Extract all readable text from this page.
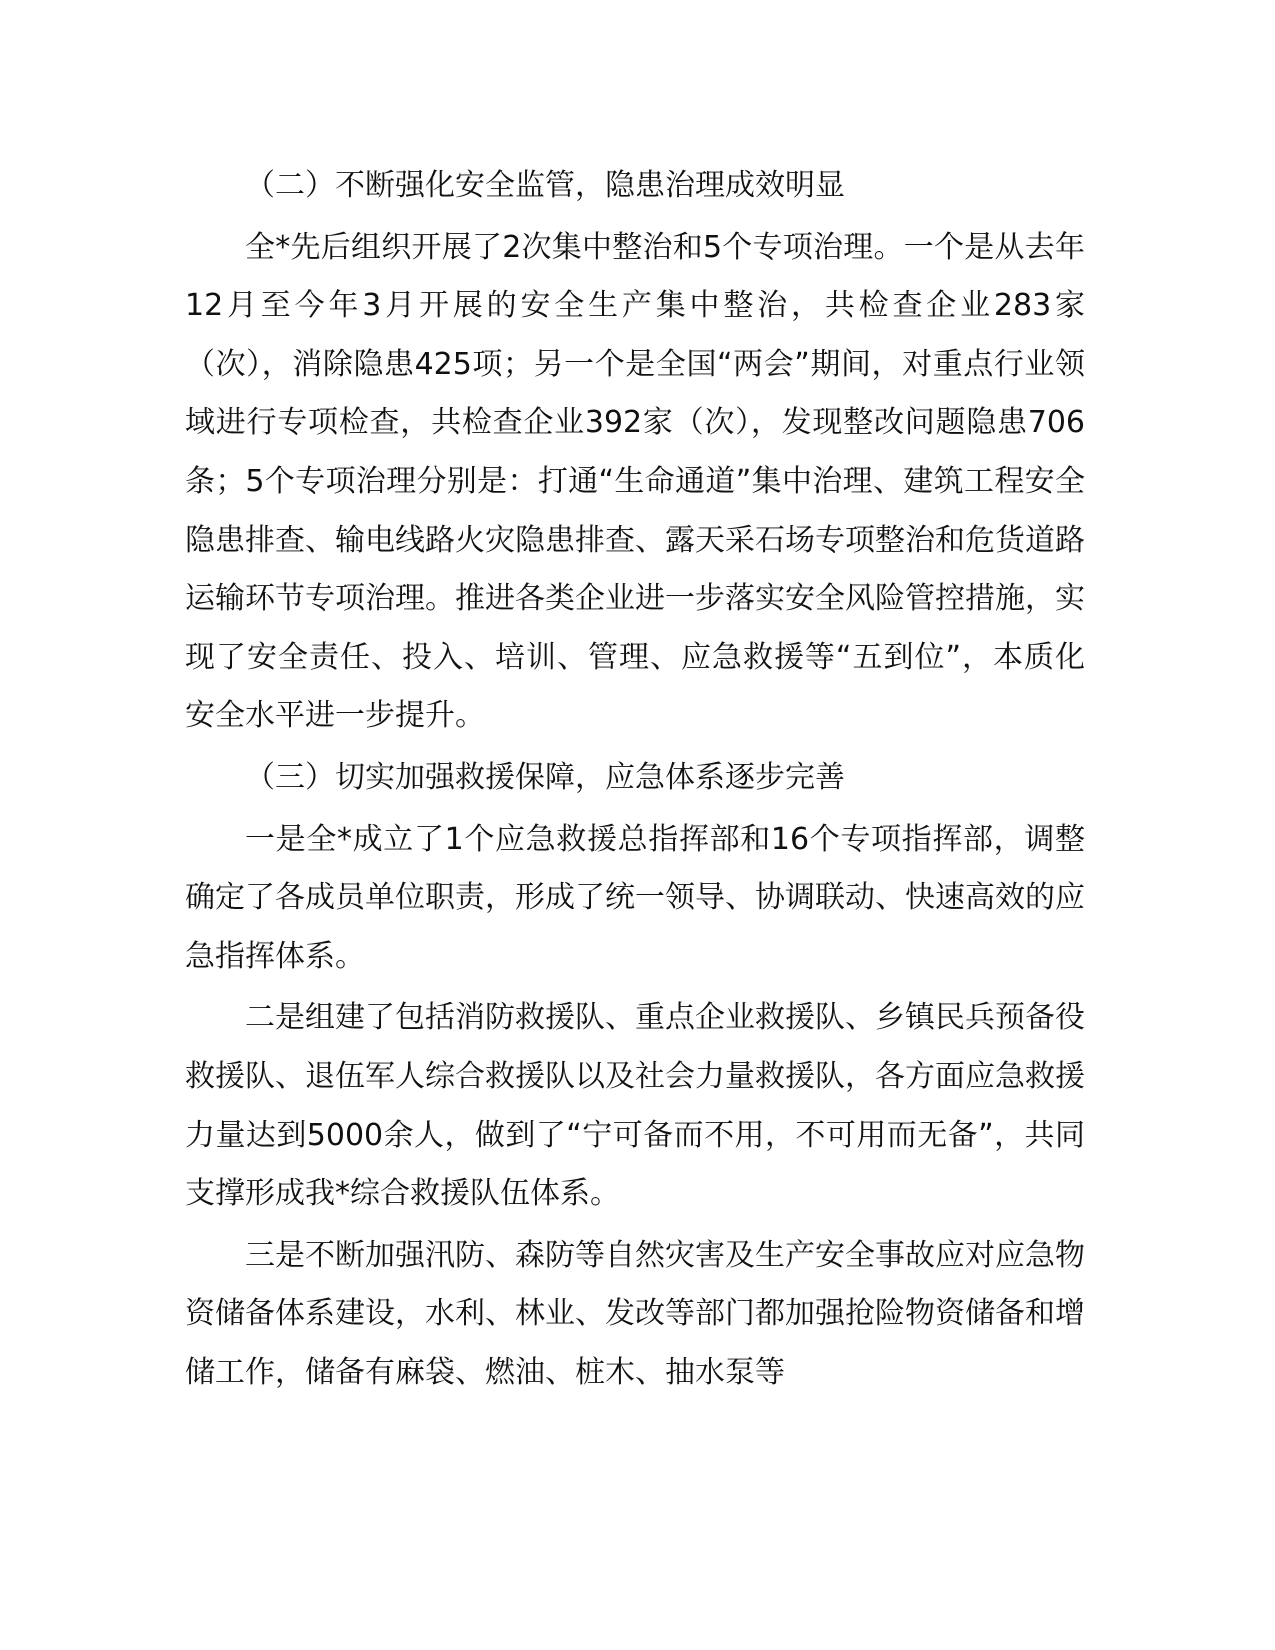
（二）不断强化安全监管，隐患治理成效明显

全*先后组织开展了2次集中整治和5个专项治理。一个是从去年12月至今年3月开展的安全生产集中整治，共检查企业283家（次），消除隐患425项；另一个是全国“两会”期间，对重点行业领域进行专项检查，共检查企业392家（次），发现整改问题隐患706条；5个专项治理分别是：打通“生命通道”集中治理、建筑工程安全隐患排查、输电线路火灾隐患排查、露天采石场专项整治和危货道路运输环节专项治理。推进各类企业进一步落实安全风险管控措施，实现了安全责任、投入、培训、管理、应急救援等“五到位”，本质化安全水平进一步提升。

（三）切实加强救援保障，应急体系逐步完善

一是全*成立了1个应急救援总指挥部和16个专项指挥部，调整确定了各成员单位职责，形成了统一领导、协调联动、快速高效的应急指挥体系。

二是组建了包括消防救援队、重点企业救援队、乡镇民兵预备役救援队、退伍军人综合救援队以及社会力量救援队，各方面应急救援力量达到5000余人，做到了“宁可备而不用，不可用而无备”，共同支撑形成我*综合救援队伍体系。

三是不断加强汛防、森防等自然灾害及生产安全事故应对应急物资储备体系建设，水利、林业、发改等部门都加强抢险物资储备和增储工作，储备有麻袋、燃油、桩木、抽水泵等
